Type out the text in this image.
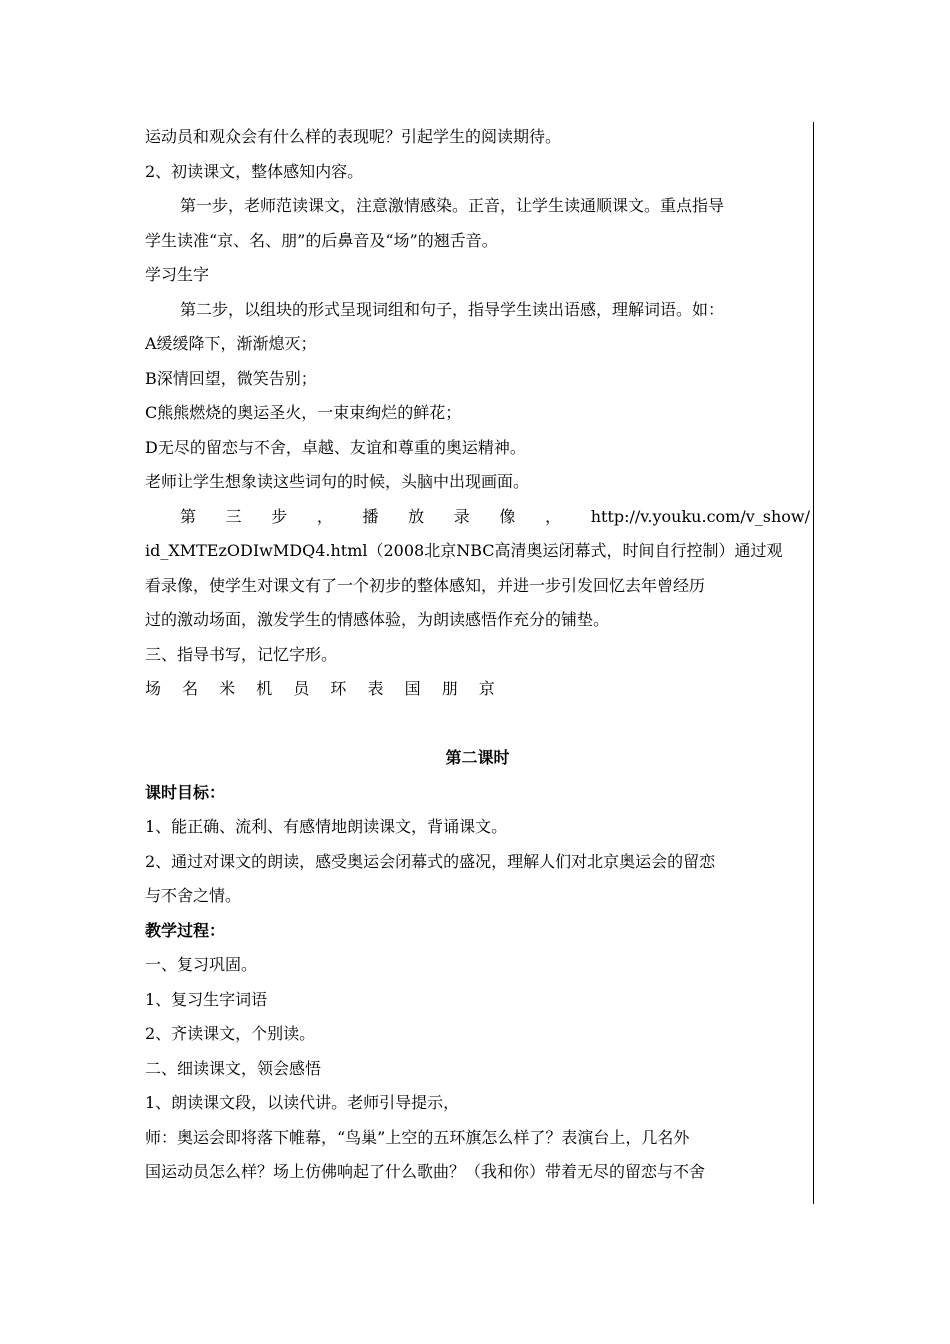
运动员和观众会有什么样的表现呢？引起学生的阅读期待。
2、初读课文，整体感知内容。
第一步，老师范读课文，注意激情感染。正音，让学生读通顺课文。重点指导
学生读准“京、名、朋”的后鼻音及“场”的翘舌音。
学习生字
第二步，以组块的形式呈现词组和句子，指导学生读出语感，理解词语。如：
A缓缓降下，渐渐熄灭；
B深情回望，微笑告别；
C熊熊燃烧的奥运圣火，一束束绚烂的鲜花；
D无尽的留恋与不舍，卓越、友谊和尊重的奥运精神。
老师让学生想象读这些词句的时候，头脑中出现画面。
第 三 步 ， 播 放 录 像 ， http://v.youku.com/v_show/
id_XMTEzODIwMDQ4.html（2008北京NBC高清奥运闭幕式，时间自行控制）通过观
看录像，使学生对课文有了一个初步的整体感知，并进一步引发回忆去年曾经历
过的激动场面，激发学生的情感体验，为朗读感悟作充分的铺垫。
三、指导书写，记忆字形。
场 名 米 机 员 环 表 国 朋 京
第二课时
课时目标：
1、能正确、流利、有感情地朗读课文，背诵课文。
2、通过对课文的朗读，感受奥运会闭幕式的盛况，理解人们对北京奥运会的留恋
与不舍之情。
教学过程：
一、复习巩固。
1、复习生字词语
2、齐读课文，个别读。
二、细读课文，领会感悟
1、朗读课文段，以读代讲。老师引导提示，
师：奥运会即将落下帷幕，“鸟巢”上空的五环旗怎么样了？表演台上，几名外
国运动员怎么样？场上仿佛响起了什么歌曲？（我和你）带着无尽的留恋与不舍
